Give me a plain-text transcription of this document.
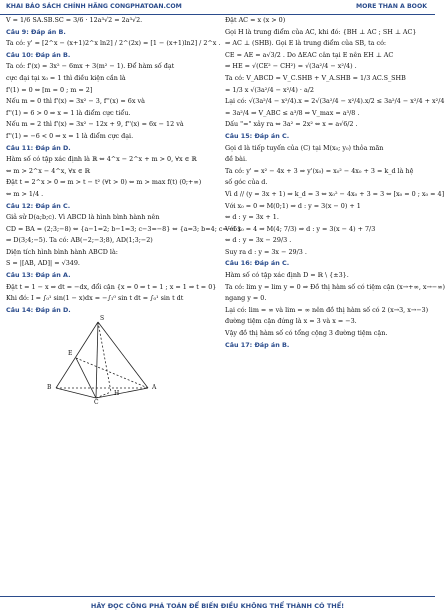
KHAI BÁO SÁCH CHÍNH HÃNG CONGPHATOAN.COM	MORE THAN A BOOK
V = 1/6 SA.SB.SC = 3/6 · 12a³√2 = 2a³√2.
Câu 9: Đáp án B.
Ta có: y' = [2^x − (x+1)2^x ln2] / 2^(2x) = [1 − (x+1)ln2] / 2^x .
Câu 10: Đáp án B.
Ta có: f'(x) = 3x² − 6mx + 3(m² − 1). Để hàm số đạt
cực đại tại x₀ = 1 thì điều kiện cần là
f'(1) = 0 ⇔ [m = 0 ; m = 2]
Nếu m = 0 thì f'(x) = 3x² − 3, f''(x) = 6x và
f''(1) = 6 > 0 ⇒ x = 1 là điểm cực tiểu.
Nếu m = 2 thì f'(x) = 3x² − 12x + 9, f''(x) = 6x − 12 và
f''(1) = −6 < 0 ⇒ x = 1 là điểm cực đại.
Câu 11: Đáp án D.
Hàm số có tập xác định là ℝ ⇔ 4^x − 2^x + m > 0, ∀x ∈ ℝ
⇔ m > 2^x − 4^x, ∀x ∈ ℝ
Đặt t = 2^x > 0 ⇒ m > t − t² (∀t > 0) ⇔ m > max f(t) (0;+∞)
⇔ m > 1/4 .
Câu 12: Đáp án C.
Giả sử D(a;b;c). Vì ABCD là hình bình hành nên
CD = BA = (2;3;−8) ⇔ {a−1=2; b−1=3; c−3=−8} ⇔ {a=3; b=4; c=−5}
⇒ D(3;4;−5). Ta có: AB(−2;−3;8), AD(1;3;−2)
Diện tích hình bình hành ABCD là:
S = |[AB, AD]| = √349.
Câu 13: Đáp án A.
Đặt t = 1 − x ⇒ dt = −dx, đổi cận {x = 0 ⇒ t = 1 ; x = 1 ⇒ t = 0}
Khi đó: I = ∫₀¹ sin(1 − x)dx = −∫₁⁰ sin t dt = ∫₀¹ sin t dt
Câu 14: Đáp án D.
S
E
B	A
H
C
Đặt AC = x (x > 0)
Gọi H là trung điểm của AC, khi đó: {BH ⊥ AC ; SH ⊥ AC}
⇒ AC ⊥ (SHB). Gọi E là trung điểm của SB, ta có:
CE = AE = a√3/2 . Do ΔEAC cân tại E nên EH ⊥ AC
⇒ HE = √(CE² − CH²) = √(3a²/4 − x²/4) .
Ta có: V_ABCD = V_C.SHB + V_A.SHB = 1/3 AC.S_SHB
= 1/3 x √(3a²/4 − x²/4) · a/2
Lại có: √(3a²/4 − x²/4).x = 2√(3a²/4 − x²/4).x/2 ≤ 3a²/4 − x²/4 + x²/4
= 3a²/4 ⇒ V_ABC ≤ a³/8 ⇒ V_max = a³/8 .
Dấu "=" xảy ra ⇔ 3a² = 2x² ⇔ x = a√6/2 .
Câu 15: Đáp án C.
Gọi d là tiếp tuyến của (C) tại M(x₀; y₀) thỏa mãn
đề bài.
Ta có: y' = x² − 4x + 3 ⇒ y'(x₀) = x₀² − 4x₀ + 3 = k_d là hệ
số góc của d.
Vì d // (y = 3x + 1) ⇒ k_d = 3 ⇔ x₀² − 4x₀ + 3 = 3 ⇔ [x₀ = 0 ; x₀ = 4]
Với x₀ = 0 ⇒ M(0;1) ⇒ d : y = 3(x − 0) + 1
⇔ d : y = 3x + 1.
Với x₀ = 4 ⇒ M(4; 7/3) ⇒ d : y = 3(x − 4) + 7/3
⇔ d : y = 3x − 29/3 .
Suy ra d : y = 3x − 29/3 .
Câu 16: Đáp án C.
Hàm số có tập xác định D = ℝ \ {±3}.
Ta có: lim y = lim y = 0 ⇒ Đồ thị hàm số có tiệm cận (x→+∞, x→−∞)
ngang y = 0.
Lại có: lim = ∞ và lim = ∞ nên đồ thị hàm số có 2 (x→3, x→−3)
đường tiệm cận đứng là x = 3 và x = −3.
Vậy đồ thị hàm số có tổng cộng 3 đường tiệm cận.
Câu 17: Đáp án B.
HÃY ĐỌC CÔNG PHÁ TOÁN ĐỂ BIẾN ĐIỀU KHÔNG THỂ THÀNH CÓ THỂ!
